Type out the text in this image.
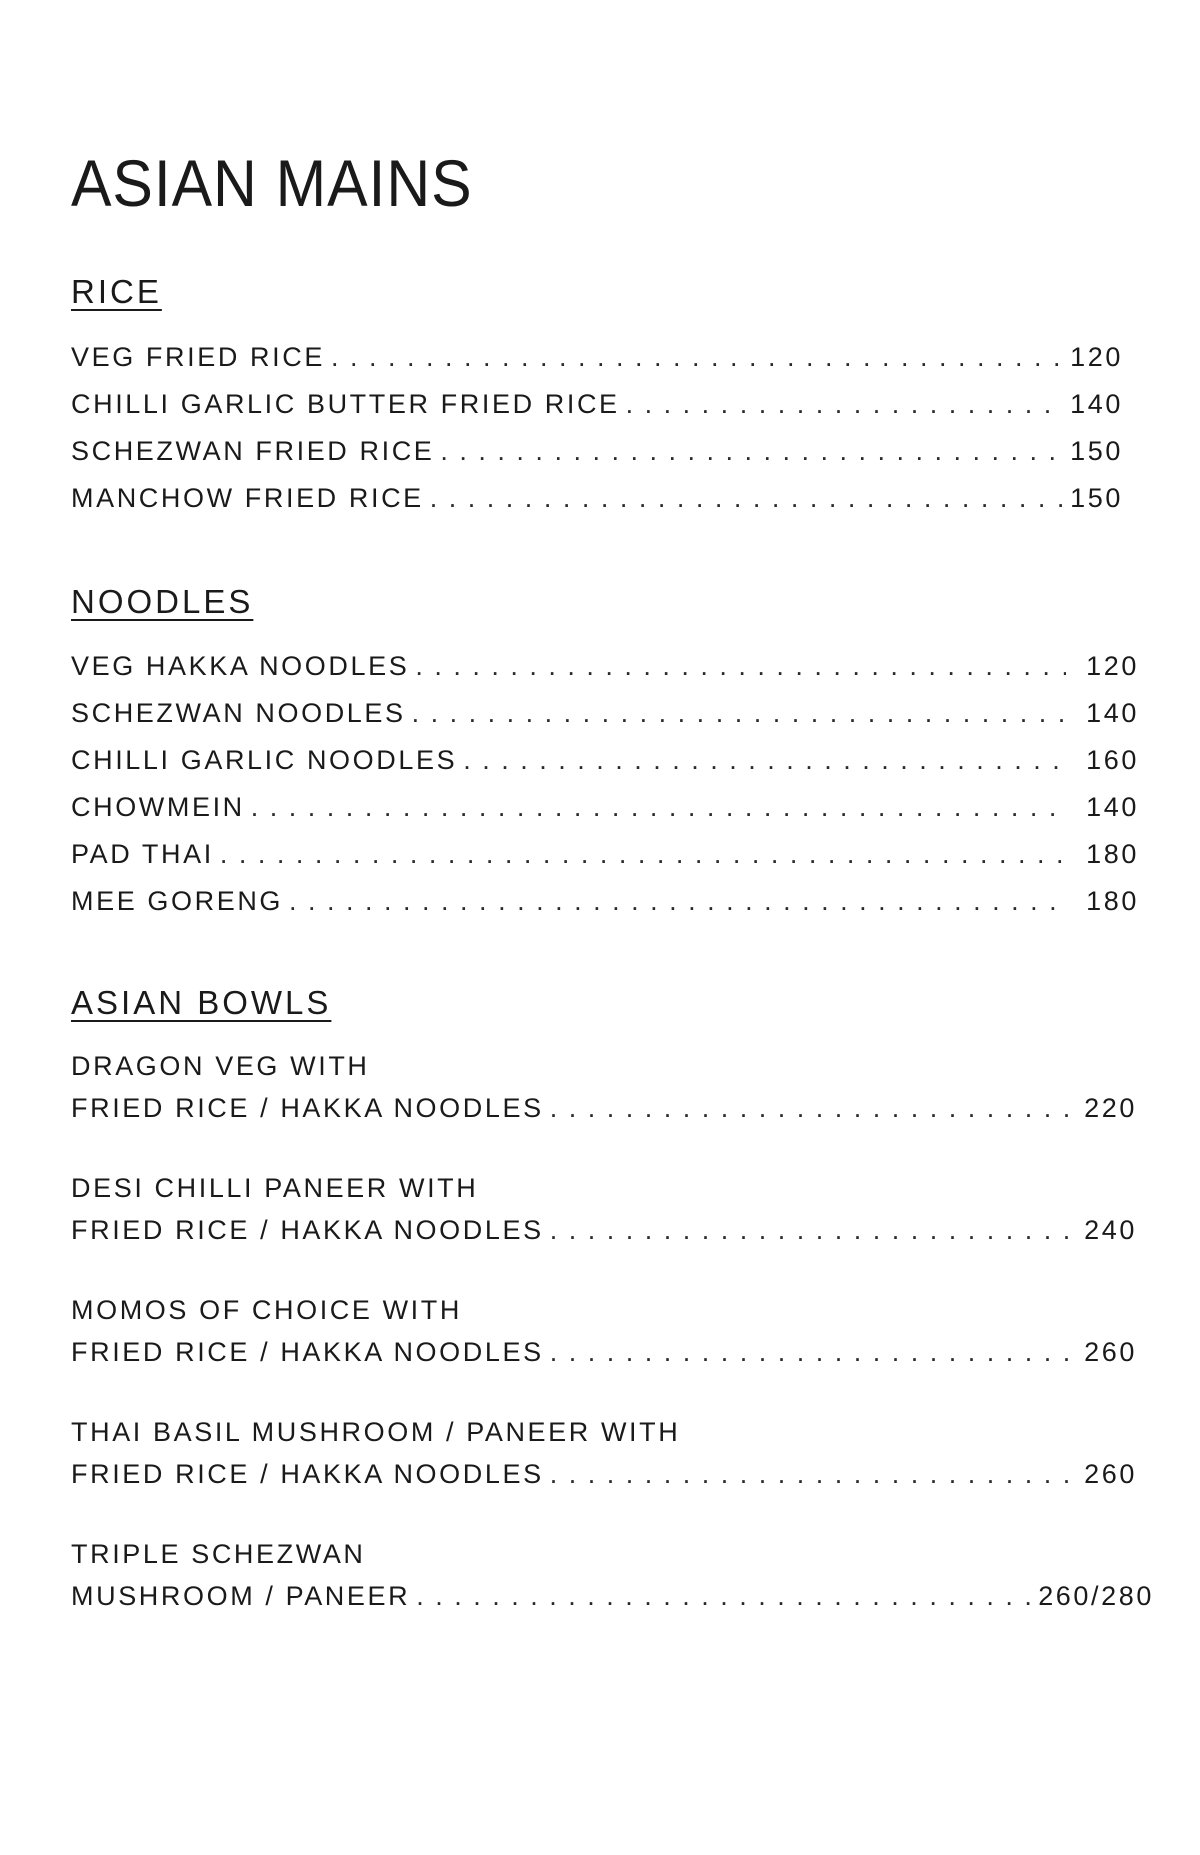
ASIAN MAINS
RICE
VEG FRIED RICE . . .	120
CHILLI GARLIC BUTTER FRIED RICE . . .	140
SCHEZWAN FRIED RICE . . .	150
MANCHOW FRIED RICE . . .	150
NOODLES
VEG HAKKA NOODLES . . .	120
SCHEZWAN NOODLES . . .	140
CHILLI GARLIC NOODLES . . .	160
CHOWMEIN . . .	140
PAD THAI . . .	180
MEE GORENG . . .	180
ASIAN BOWLS
DRAGON VEG WITH
FRIED RICE / HAKKA NOODLES . . .	220
DESI CHILLI PANEER WITH
FRIED RICE / HAKKA NOODLES . . .	240
MOMOS OF CHOICE WITH
FRIED RICE / HAKKA NOODLES . . .	260
THAI BASIL MUSHROOM / PANEER WITH
FRIED RICE / HAKKA NOODLES . . .	260
TRIPLE SCHEZWAN
MUSHROOM / PANEER . . .	260/280
